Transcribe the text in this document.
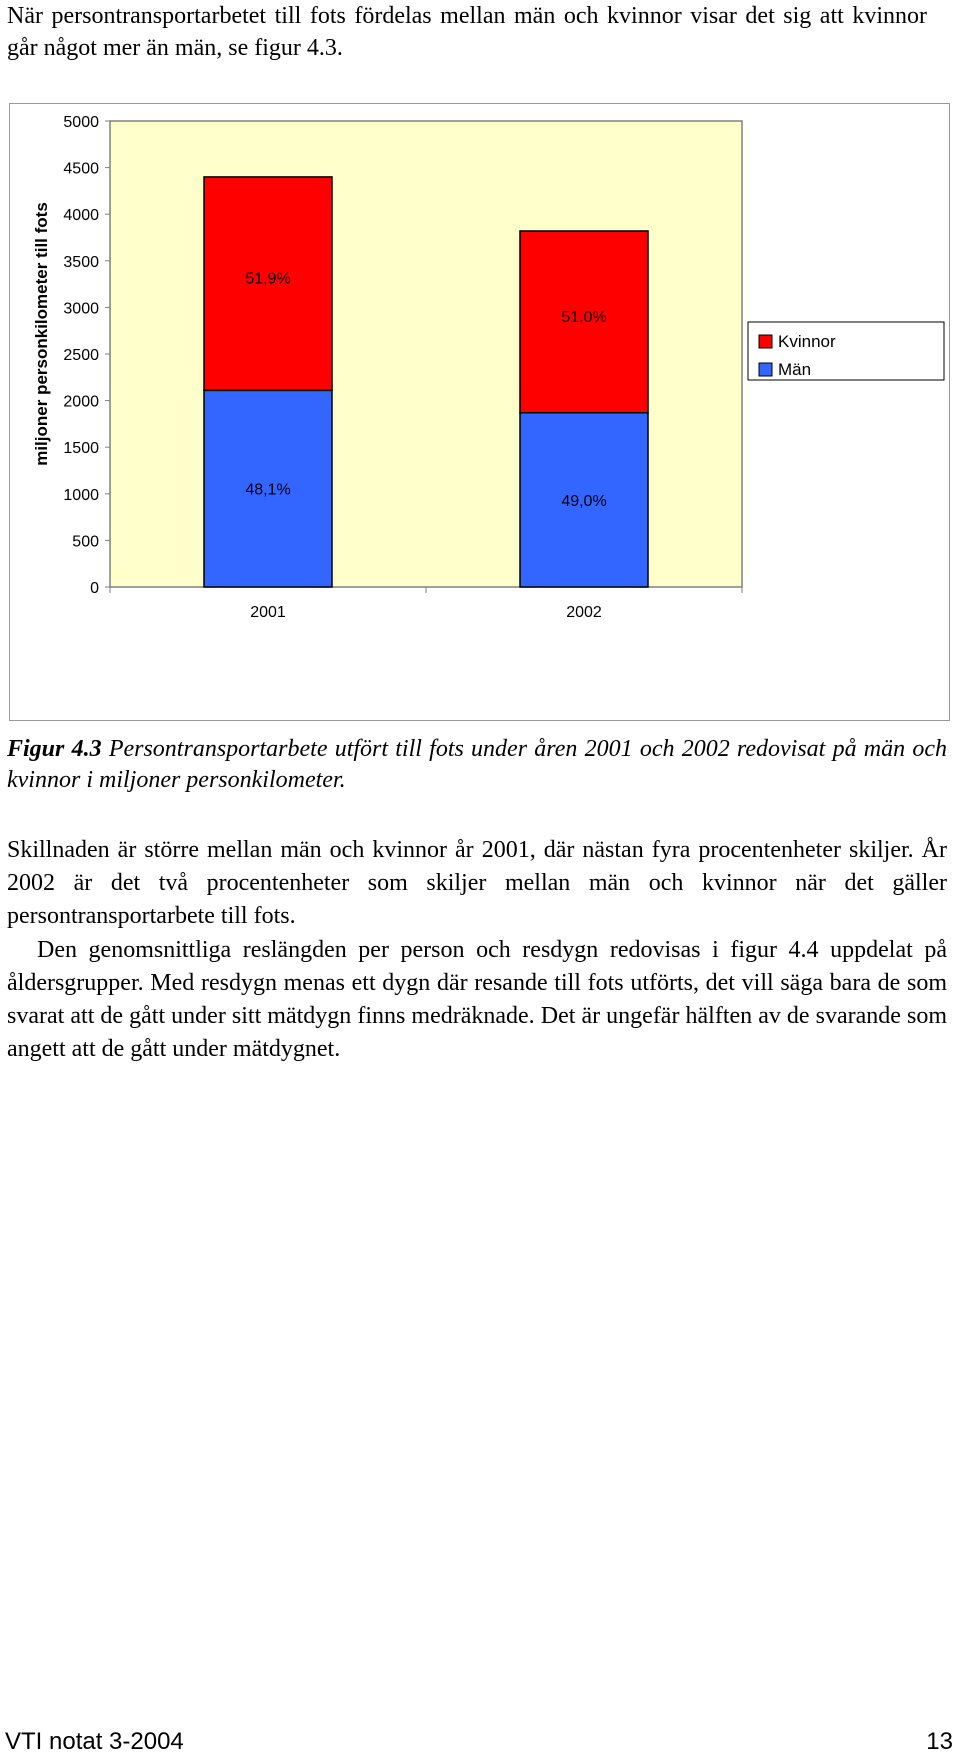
När persontransportarbetet till fots fördelas mellan män och kvinnor visar det sig att kvinnor går något mer än män, se figur 4.3.

0
500
1000
1500
2000
2500
3000
3500
4000
4500
5000
miljoner personkilometer till fots
48,1%
51,9%
2001
49,0%
51,0%
2002
Kvinnor
Män

Figur 4.3 Persontransportarbete utfört till fots under åren 2001 och 2002 redovisat på män och kvinnor i miljoner personkilometer.

Skillnaden är större mellan män och kvinnor år 2001, där nästan fyra procentenheter skiljer. År 2002 är det två procentenheter som skiljer mellan män och kvinnor när det gäller persontransportarbete till fots.

Den genomsnittliga reslängden per person och resdygn redovisas i figur 4.4 uppdelat på åldersgrupper. Med resdygn menas ett dygn där resande till fots utförts, det vill säga bara de som svarat att de gått under sitt mätdygn finns medräknade. Det är ungefär hälften av de svarande som angett att de gått under mätdygnet.

VTI notat 3-2004	13
